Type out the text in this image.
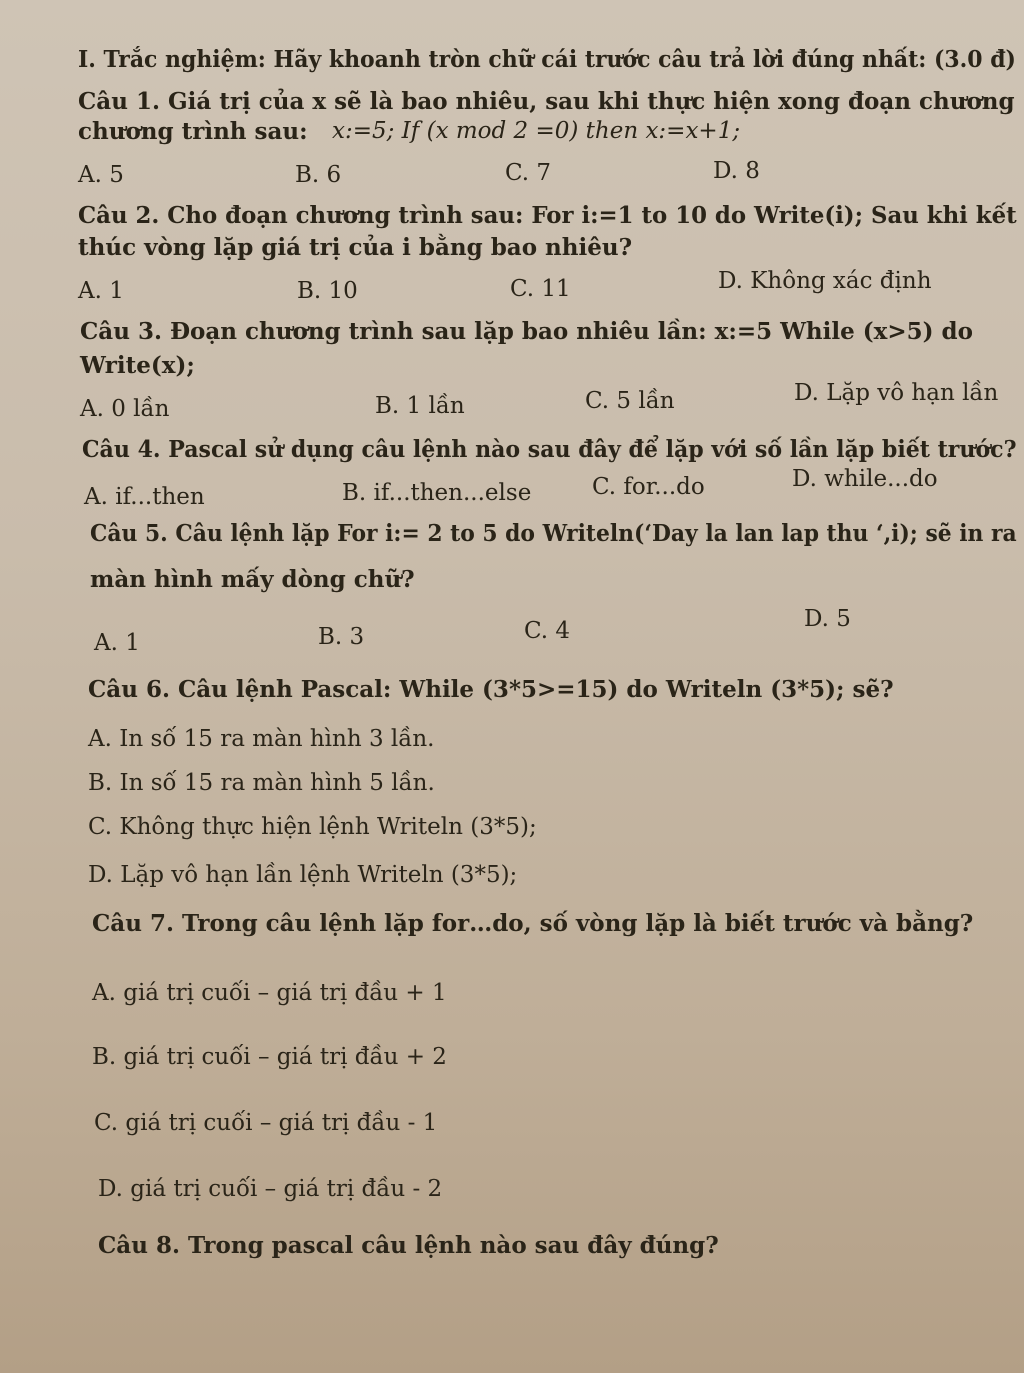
I. Trắc nghiệm: Hãy khoanh tròn chữ cái trước câu trả lời đúng nhất: (3.0 đ)
Câu 1. Giá trị của x sẽ là bao nhiêu, sau khi thực hiện xong đoạn chương
chương trình sau: x:=5; If (x mod 2 =0) then x:=x+1;
A. 5	B. 6	C. 7	D. 8
Câu 2. Cho đoạn chương trình sau: For i:=1 to 10 do Write(i); Sau khi kết
thúc vòng lặp giá trị của i bằng bao nhiêu?
A. 1	B. 10	C. 11	D. Không xác định
Câu 3. Đoạn chương trình sau lặp bao nhiêu lần: x:=5 While (x>5) do
Write(x);
A. 0 lần	B. 1 lần	C. 5 lần	D. Lặp vô hạn lần
Câu 4. Pascal sử dụng câu lệnh nào sau đây để lặp với số lần lặp biết trước?
A. if...then	B. if...then...else	C. for...do	D. while...do
Câu 5. Câu lệnh lặp For i:= 2 to 5 do Writeln(‘Day la lan lap thu ‘,i); sẽ in ra
màn hình mấy dòng chữ?
A. 1	B. 3	C. 4	D. 5
Câu 6. Câu lệnh Pascal: While (3*5>=15) do Writeln (3*5); sẽ?
A. In số 15 ra màn hình 3 lần.
B. In số 15 ra màn hình 5 lần.
C. Không thực hiện lệnh Writeln (3*5);
D. Lặp vô hạn lần lệnh Writeln (3*5);
Câu 7. Trong câu lệnh lặp for…do, số vòng lặp là biết trước và bằng?
A. giá trị cuối – giá trị đầu + 1
B. giá trị cuối – giá trị đầu + 2
C. giá trị cuối – giá trị đầu - 1
D. giá trị cuối – giá trị đầu - 2
Câu 8. Trong pascal câu lệnh nào sau đây đúng?
